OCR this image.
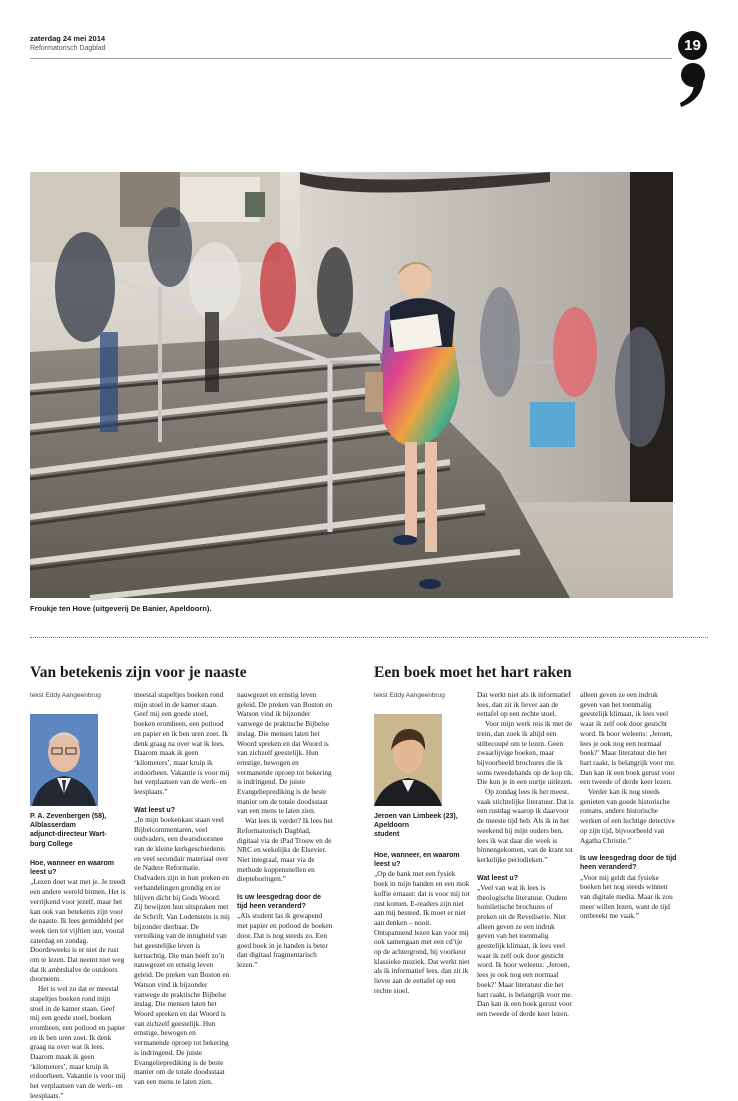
zaterdag 24 mei 2014
Reformatorisch Dagblad	19
Froukje ten Hove (uitgeverij De Banier, Apeldoorn).
Van betekenis zijn voor je naaste
tekst Eddy Aangeenbrug
P. A. Zevenbergen (58),
Alblasserdam
adjunct-directeur Wart-
burg College

Hoe, wanneer en waarom leest u?

„Lezen doet wat met je. Je treedt een andere wereld binnen. Het is verrijkend voor jezelf, maar het kan ook van betekenis zijn voor de naaste. Ik lees gemiddeld per week tien tot vijftien uur, vooral zaterdag en zondag. Doordeweeks is er niet de rust om te lezen. Dat neemt niet weg dat ik ambtshalve de outdoors doorneem.

Het is wel zo dat er meestal stapeltjes boeken rond mijn stoel in de kamer staan. Geef mij een goede stoel, boeken eromheen, een potlood en papier en ik ben uren zoet. Ik denk graag na over wat ik lees. Daarom maak ik geen ‘kilometers’, maar kruip ik erdoorheen. Vakantie is voor mij het verplaatsen van de werk- en leesplaats.”

meestal stapeltjes boeken rond mijn stoel in de kamer staan. Geef mij een goede stoel, boeken eromheen, een potlood en papier en ik ben uren zoet. Ik denk graag na over wat ik lees. Daarom maak ik geen ‘kilometers’, maar kruip ik erdoorheen. Vakantie is voor mij het verplaatsen van de werk- en leesplaats.”

Wat leest u?

„In mijn boekenkast staan veel Bijbelcommentaren, veel oudvaders, een dwarsdoorsnee van de kleine kerkgeschiedenis en veel secundair materiaal over de Nadere Reformatie. Oudvaders zijn in hun preken en verhandelingen grondig en ze blijven dicht bij Gods Woord. Zij bewijzen hun uitspraken met de Schrift. Van Lodenstein is mij bijzonder dierbaar. De vertolking van de innigheid van het geestelijke leven is kernachtig. Die man heeft zo’n nauwgezet en ernstig leven geleid. De preken van Boston en Watson vind ik bijzonder vanwege de praktische Bijbelse inslag. Die mensen laten het Woord spreken en dat Woord is van zichzelf geestelijk. Hun ernstige, bewogen en vermanende oproep tot bekering is indringend. De juiste Evangelieprediking is de beste manier om de totale doodsstaat van een mens te laten zien.

nauwgezet en ernstig leven geleid. De preken van Boston en Watson vind ik bijzonder vanwege de praktische Bijbelse inslag. Die mensen laten het Woord spreken en dat Woord is van zichzelf geestelijk. Hun ernstige, bewogen en vermanende oproep tot bekering is indringend. De juiste Evangelieprediking is de beste manier om de totale doodsstaat van een mens te laten zien.

Wat lees ik verder? Ik lees het Reformatorisch Dagblad, digitaal via de iPad Trouw en de NRC en wekelijks de Elsevier. Niet integraal, maar via de methode koppensnellen en diepteboringen.”

Is uw leesgedrag door de tijd heen veranderd?

„Als student las ik gewapend met papier en potlood de boeken door. Dat is nog steeds zo. Een goed boek in je handen is beter dan digitaal fragmentarisch lezen.”

Een boek moet het hart raken
tekst Eddy Aangeenbrug
Jeroen van Limbeek (23),
Apeldoorn
student

Hoe, wanneer, en waarom leest u?

„Op de bank met een fysiek boek in mijn handen en een mok koffie ernaast: dat is voor mij tot rust komen. E-readers zijn niet aan mij besteed. Ik moet er niet aan denken – nooit. Ontspannend lezen kan voor mij ook samengaan met een cd’tje op de achtergrond, bij voorkeur klassieke muziek. Dat werkt niet als ik informatief lees, dan zit ik liever aan de eettafel op een rechte stoel.

Dat werkt niet als ik informatief lees, dan zit ik liever aan de eettafel op een rechte stoel.

Voor mijn werk reis ik met de trein, dan zoek ik altijd een stiltecoupé om te lezen. Geen zwaarlijvige boeken, maar bijvoorbeeld brochures die ik soms tweedehands op de kop tik. Die kun je in een uurtje uitlezen.

Op zondag lees ik het meest, vaak stichtelijke literatuur. Dat is een rustdag waarop ik daarvoor de meeste tijd heb. Als ik in het weekend bij mijn ouders ben, lees ik wat daar die week is binnengekomen, van de krant tot kerkelijke periodieken.”

Wat leest u?

„Veel van wat ik lees is theologische literatuur. Oudere homiletische brochures of preken uit de Reveilserie. Niet alleen geven ze een indruk geven van het toenmalig geestelijk klimaat, ik lees veel waar ik zelf ook door gesticht word. Ik hoor weleens: ‚Jeroen, lees je ook nog een normaal boek?’ Maar literatuur die het hart raakt, is belangrijk voor me. Dan kan ik een boek gerust voor een tweede of derde keer lezen.

alleen geven ze een indruk geven van het toenmalig geestelijk klimaat, ik lees veel waar ik zelf ook door gesticht word. Ik hoor weleens: ‚Jeroen, lees je ook nog een normaal boek?’ Maar literatuur die het hart raakt, is belangrijk voor me. Dan kan ik een boek gerust voor een tweede of derde keer lezen.

Verder kan ik nog steeds genieten van goede historische romans, andere historische werken of een luchtige detective op zijn tijd, bijvoorbeeld van Agatha Christie.”

Is uw leesgedrag door de tijd heen veranderd?

„Voor mij geldt dat fysieke boeken het nog steeds winnen van digitale media. Maar ik zou meer willen lezen, want de tijd ontbreekt me vaak.”
